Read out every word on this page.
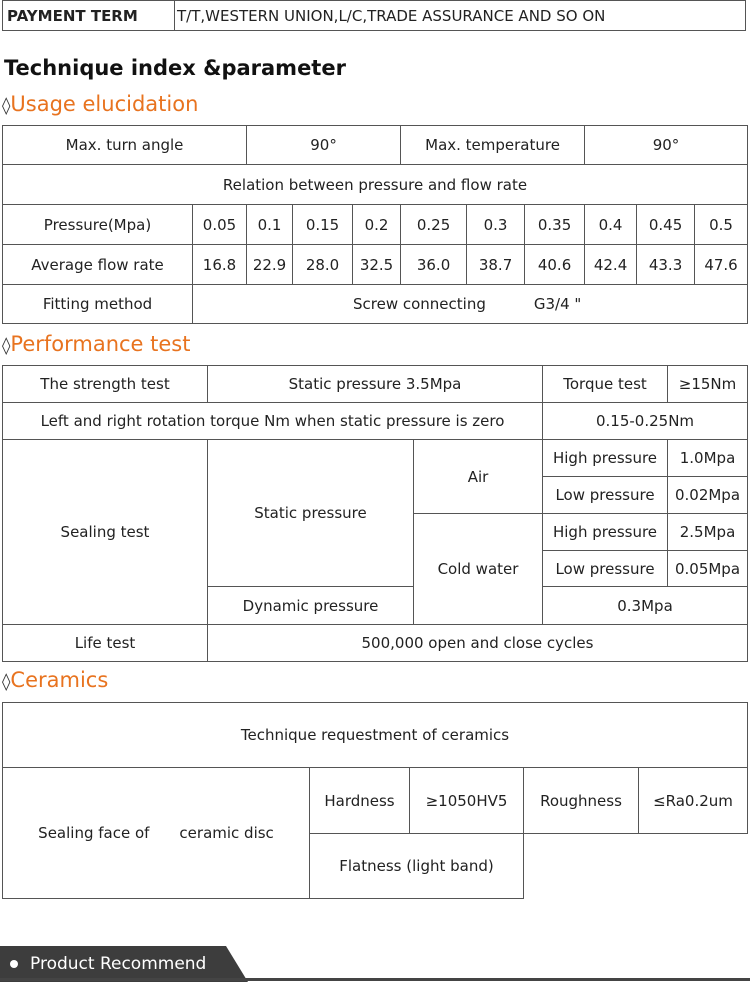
PAYMENT TERM	T/T,WESTERN UNION,L/C,TRADE ASSURANCE AND SO ON			
Technique index &parameter
◊Usage elucidation
Max. turn angle		90°			Max. temperature			90°		
Relation between pressure and flow rate										
Pressure(Mpa)	0.05	0.1	0.15	0.2	0.25	0.3	0.35	0.4	0.45	0.5
Average flow rate	16.8	22.9	28.0	32.5	36.0	38.7	40.6	42.4	43.3	47.6
Fitting method	Screw connecting G3/4 "									
◊Performance test
The strength test	Static pressure 3.5Mpa		Torque test	≥15Nm
Left and right rotation torque Nm when static pressure is zero			0.15-0.25Nm	
Sealing test	Static pressure	Air	High pressure	1.0Mpa
			Low pressure	0.02Mpa
		Cold water	High pressure	2.5Mpa
			Low pressure	0.05Mpa
	Dynamic pressure		0.3Mpa	
Life test	500,000 open and close cycles			
◊Ceramics
Technique requestment of ceramics				
Sealing face of ceramic disc	Hardness	≥1050HV5	Roughness	≤Ra0.2um
	Flatness (light band)			
Product Recommend
